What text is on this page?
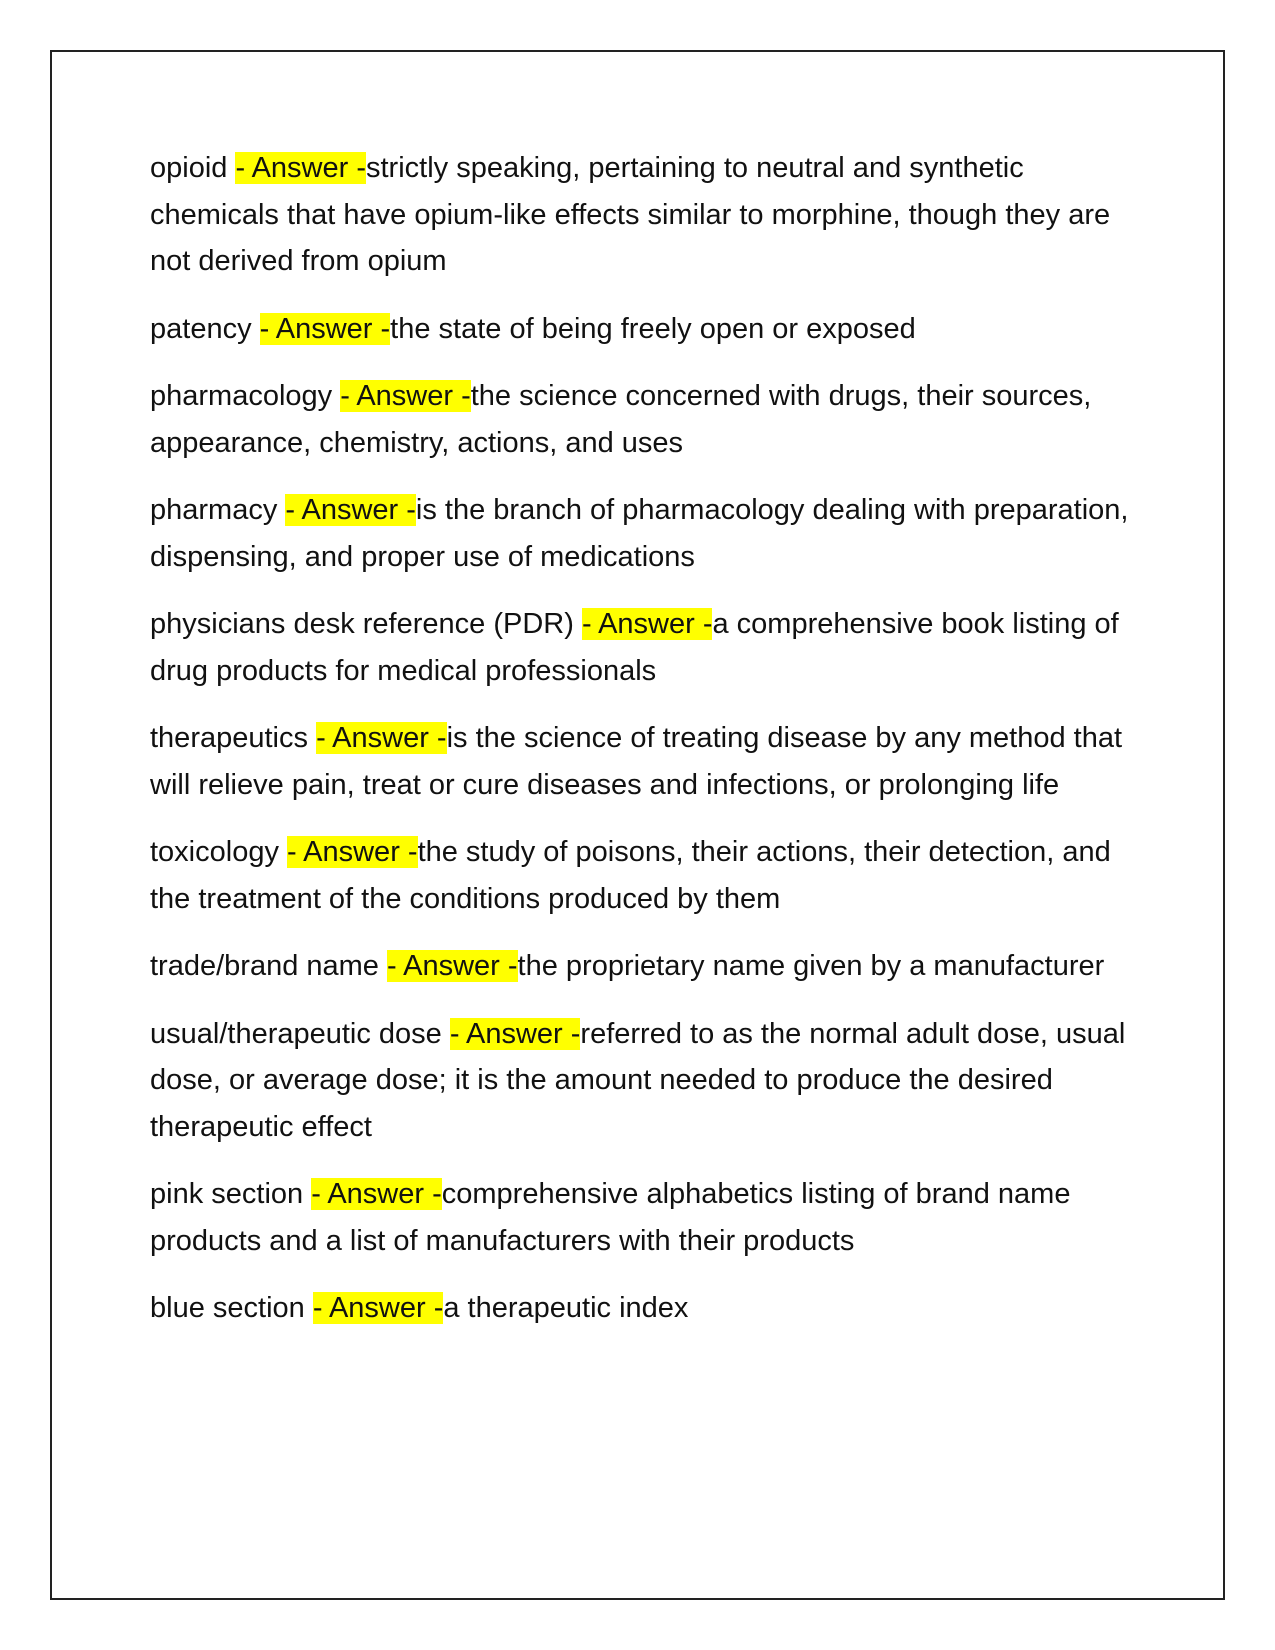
opioid - Answer -strictly speaking, pertaining to neutral and synthetic chemicals that have opium-like effects similar to morphine, though they are not derived from opium

patency - Answer -the state of being freely open or exposed

pharmacology - Answer -the science concerned with drugs, their sources, appearance, chemistry, actions, and uses

pharmacy - Answer -is the branch of pharmacology dealing with preparation, dispensing, and proper use of medications

physicians desk reference (PDR) - Answer -a comprehensive book listing of drug products for medical professionals

therapeutics - Answer -is the science of treating disease by any method that will relieve pain, treat or cure diseases and infections, or prolonging life

toxicology - Answer -the study of poisons, their actions, their detection, and the treatment of the conditions produced by them

trade/brand name - Answer -the proprietary name given by a manufacturer

usual/therapeutic dose - Answer -referred to as the normal adult dose, usual dose, or average dose; it is the amount needed to produce the desired therapeutic effect

pink section - Answer -comprehensive alphabetics listing of brand name products and a list of manufacturers with their products

blue section - Answer -a therapeutic index
